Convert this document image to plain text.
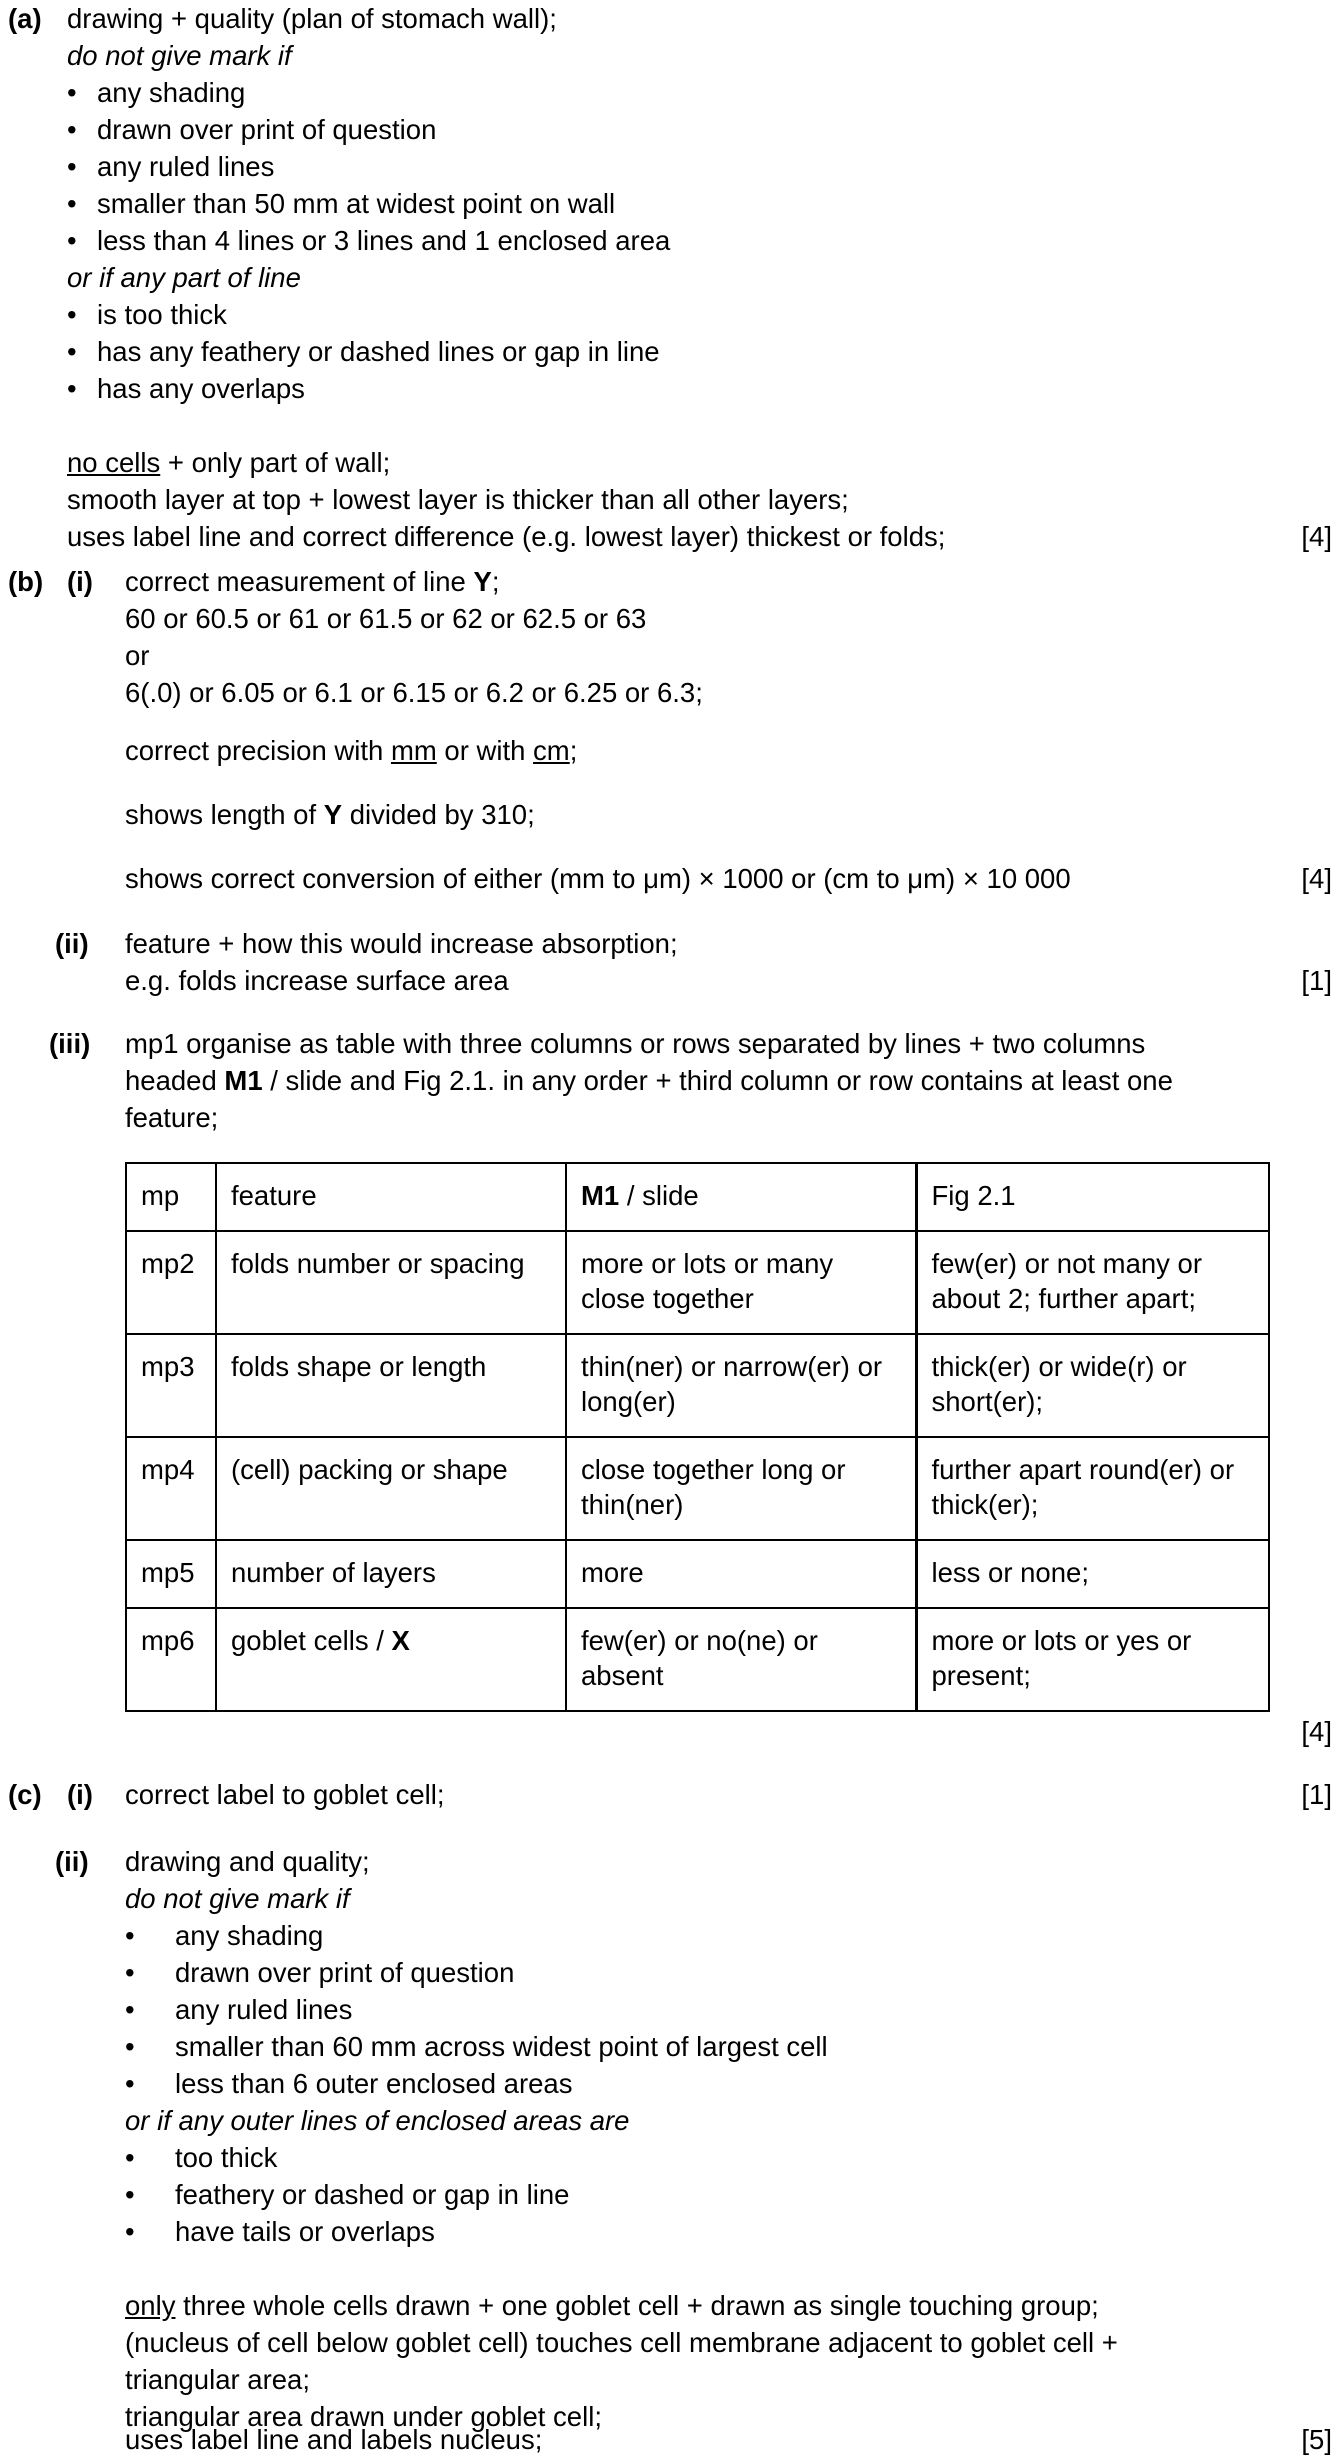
(a) drawing + quality (plan of stomach wall);
do not give mark if
• any shading
• drawn over print of question
• any ruled lines
• smaller than 50 mm at widest point on wall
• less than 4 lines or 3 lines and 1 enclosed area
or if any part of line
• is too thick
• has any feathery or dashed lines or gap in line
• has any overlaps
no cells + only part of wall;
smooth layer at top + lowest layer is thicker than all other layers;
uses label line and correct difference (e.g. lowest layer) thickest or folds;	[4]
(b) (i) correct measurement of line Y;
60 or 60.5 or 61 or 61.5 or 62 or 62.5 or 63
or
6(.0) or 6.05 or 6.1 or 6.15 or 6.2 or 6.25 or 6.3;
correct precision with mm or with cm;
shows length of Y divided by 310;
shows correct conversion of either (mm to μm) × 1000 or (cm to μm) × 10 000	[4]
(ii) feature + how this would increase absorption;
e.g. folds increase surface area	[1]
(iii) mp1 organise as table with three columns or rows separated by lines + two columns
headed M1 / slide and Fig 2.1. in any order + third column or row contains at least one
feature;
mp	feature	M1 / slide	Fig 2.1
mp2	folds number or spacing	more or lots or many close together	few(er) or not many or about 2; further apart;
mp3	folds shape or length	thin(ner) or narrow(er) or long(er)	thick(er) or wide(r) or short(er);
mp4	(cell) packing or shape	close together long or thin(ner)	further apart round(er) or thick(er);
mp5	number of layers	more	less or none;
mp6	goblet cells / X	few(er) or no(ne) or absent	more or lots or yes or present;
[4]
(c) (i) correct label to goblet cell;	[1]
(ii) drawing and quality;
do not give mark if
• any shading
• drawn over print of question
• any ruled lines
• smaller than 60 mm across widest point of largest cell
• less than 6 outer enclosed areas
or if any outer lines of enclosed areas are
• too thick
• feathery or dashed or gap in line
• have tails or overlaps
only three whole cells drawn + one goblet cell + drawn as single touching group;
(nucleus of cell below goblet cell) touches cell membrane adjacent to goblet cell +
triangular area;
triangular area drawn under goblet cell;
uses label line and labels nucleus;	[5]
